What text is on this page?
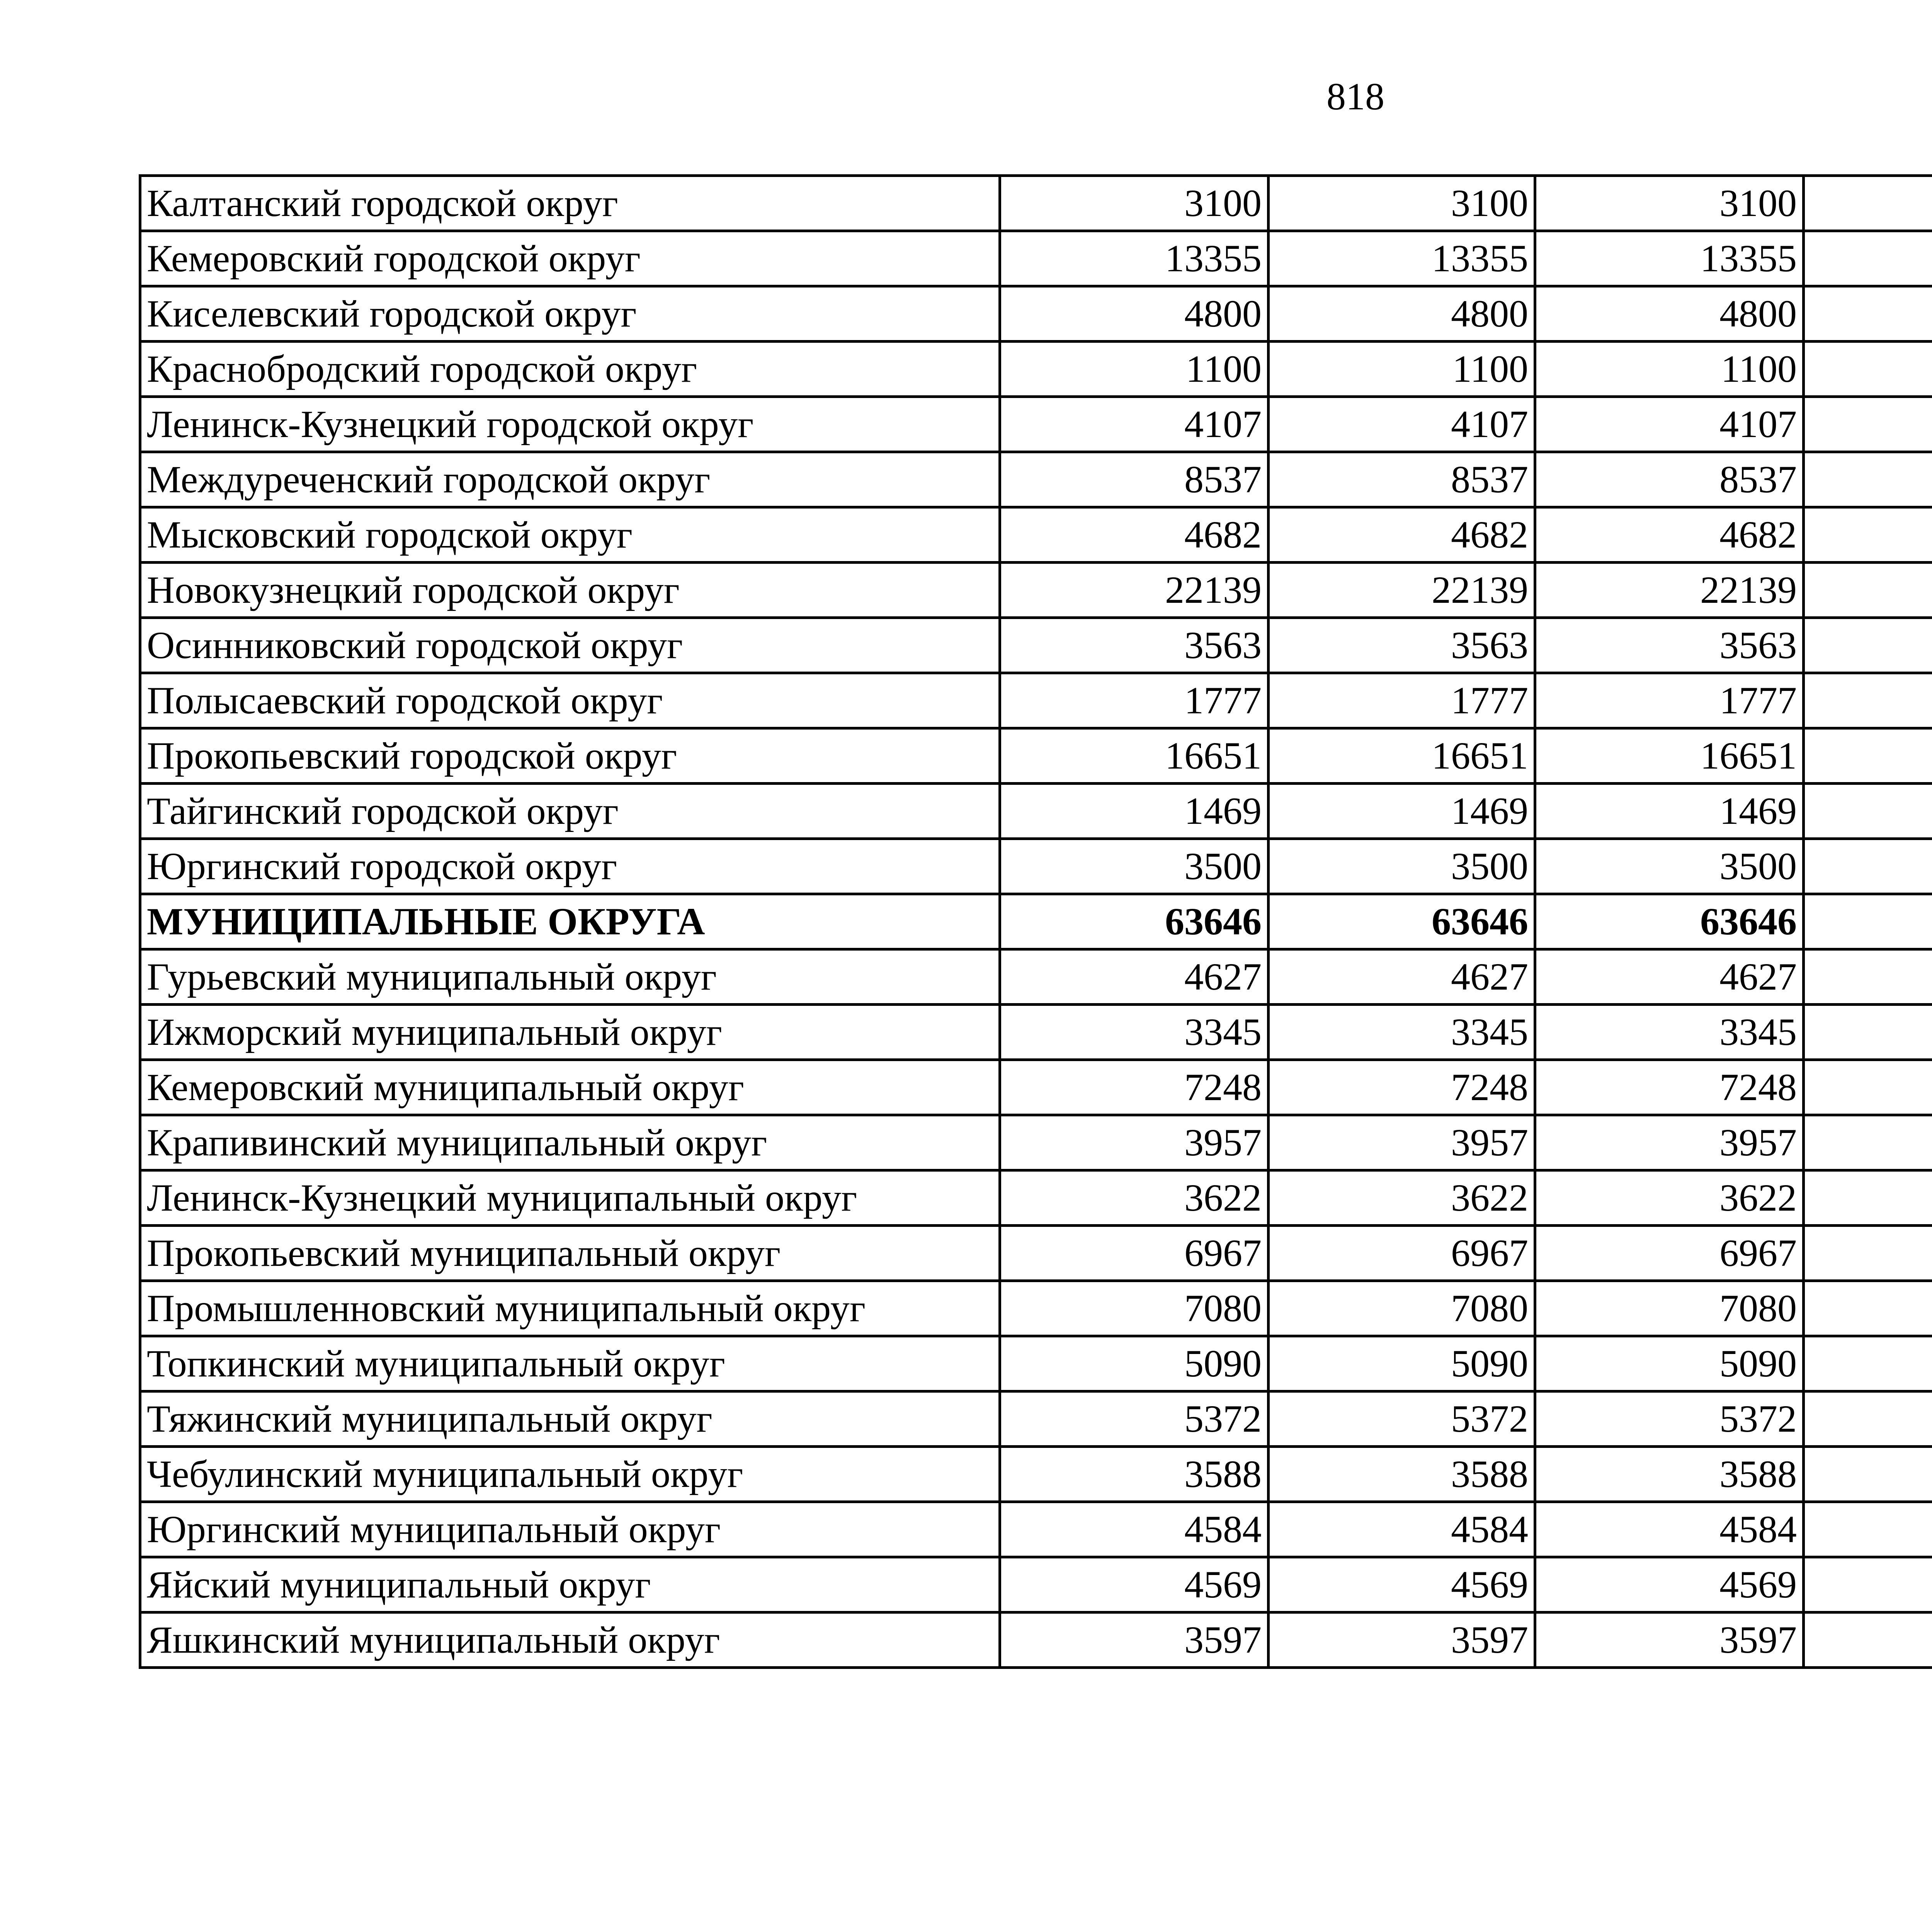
818
Калтанский городской округ	3100	3100	3100			
Кемеровский городской округ	13355	13355	13355			
Киселевский городской округ	4800	4800	4800			
Краснобродский городской округ	1100	1100	1100			
Ленинск-Кузнецкий городской округ	4107	4107	4107			
Междуреченский городской округ	8537	8537	8537			
Мысковский городской округ	4682	4682	4682			
Новокузнецкий городской округ	22139	22139	22139			
Осинниковский городской округ	3563	3563	3563			
Полысаевский городской округ	1777	1777	1777			
Прокопьевский городской округ	16651	16651	16651			
Тайгинский городской округ	1469	1469	1469			
Юргинский городской округ	3500	3500	3500			
МУНИЦИПАЛЬНЫЕ ОКРУГА	63646	63646	63646			
Гурьевский муниципальный округ	4627	4627	4627			
Ижморский муниципальный округ	3345	3345	3345			
Кемеровский муниципальный округ	7248	7248	7248			
Крапивинский муниципальный округ	3957	3957	3957			
Ленинск-Кузнецкий муниципальный округ	3622	3622	3622			
Прокопьевский муниципальный округ	6967	6967	6967			
Промышленновский муниципальный округ	7080	7080	7080			
Топкинский муниципальный округ	5090	5090	5090			
Тяжинский муниципальный округ	5372	5372	5372			
Чебулинский муниципальный округ	3588	3588	3588			
Юргинский муниципальный округ	4584	4584	4584			
Яйский муниципальный округ	4569	4569	4569			
Яшкинский муниципальный округ	3597	3597	3597			
